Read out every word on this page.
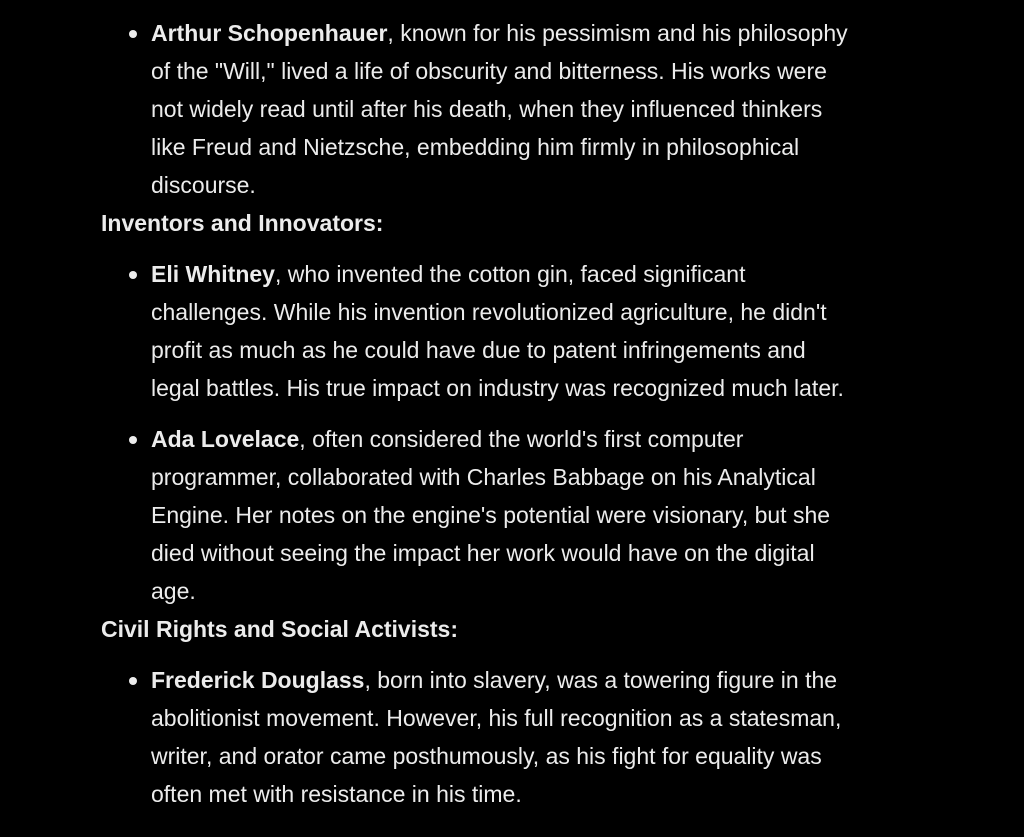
Arthur Schopenhauer, known for his pessimism and his philosophy
of the "Will," lived a life of obscurity and bitterness. His works were
not widely read until after his death, when they influenced thinkers
like Freud and Nietzsche, embedding him firmly in philosophical
discourse.

Inventors and Innovators:

Eli Whitney, who invented the cotton gin, faced significant
challenges. While his invention revolutionized agriculture, he didn't
profit as much as he could have due to patent infringements and
legal battles. His true impact on industry was recognized much later.
Ada Lovelace, often considered the world's first computer
programmer, collaborated with Charles Babbage on his Analytical
Engine. Her notes on the engine's potential were visionary, but she
died without seeing the impact her work would have on the digital
age.

Civil Rights and Social Activists:

Frederick Douglass, born into slavery, was a towering figure in the
abolitionist movement. However, his full recognition as a statesman,
writer, and orator came posthumously, as his fight for equality was
often met with resistance in his time.
